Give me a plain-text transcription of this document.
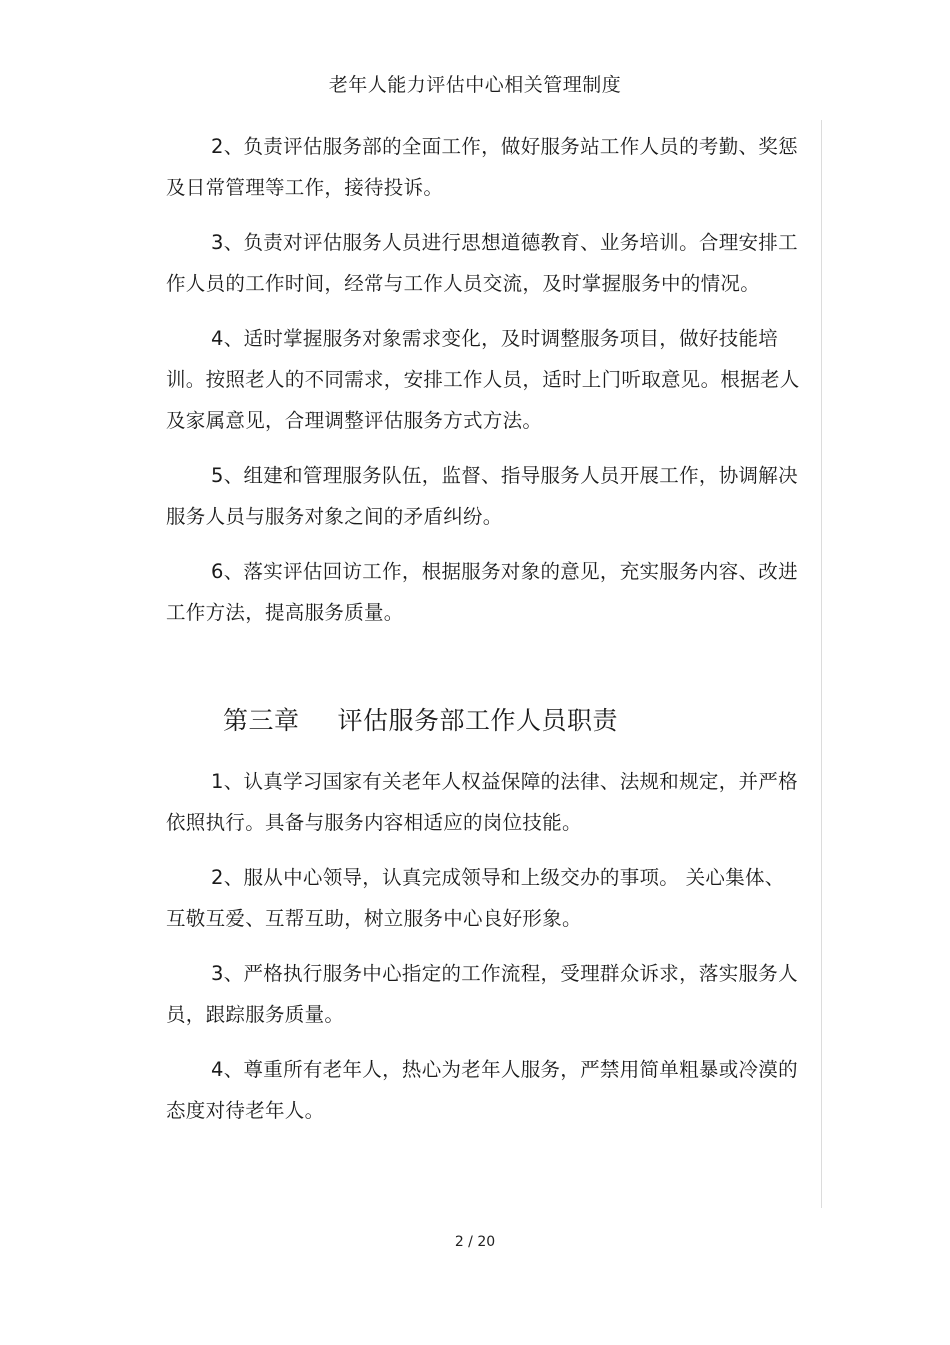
老年人能力评估中心相关管理制度

2、负责评估服务部的全面工作，做好服务站工作人员的考勤、奖惩及日常管理等工作，接待投诉。

3、负责对评估服务人员进行思想道德教育、业务培训。合理安排工作人员的工作时间，经常与工作人员交流，及时掌握服务中的情况。

4、适时掌握服务对象需求变化，及时调整服务项目，做好技能培训。按照老人的不同需求，安排工作人员，适时上门听取意见。根据老人及家属意见，合理调整评估服务方式方法。

5、组建和管理服务队伍，监督、指导服务人员开展工作，协调解决服务人员与服务对象之间的矛盾纠纷。

6、落实评估回访工作，根据服务对象的意见，充实服务内容、改进工作方法，提高服务质量。

第三章 评估服务部工作人员职责

1、认真学习国家有关老年人权益保障的法律、法规和规定，并严格依照执行。具备与服务内容相适应的岗位技能。

2、服从中心领导，认真完成领导和上级交办的事项。 关心集体、互敬互爱、互帮互助，树立服务中心良好形象。

3、严格执行服务中心指定的工作流程，受理群众诉求，落实服务人员，跟踪服务质量。

4、尊重所有老年人，热心为老年人服务，严禁用简单粗暴或冷漠的态度对待老年人。

2 / 20
